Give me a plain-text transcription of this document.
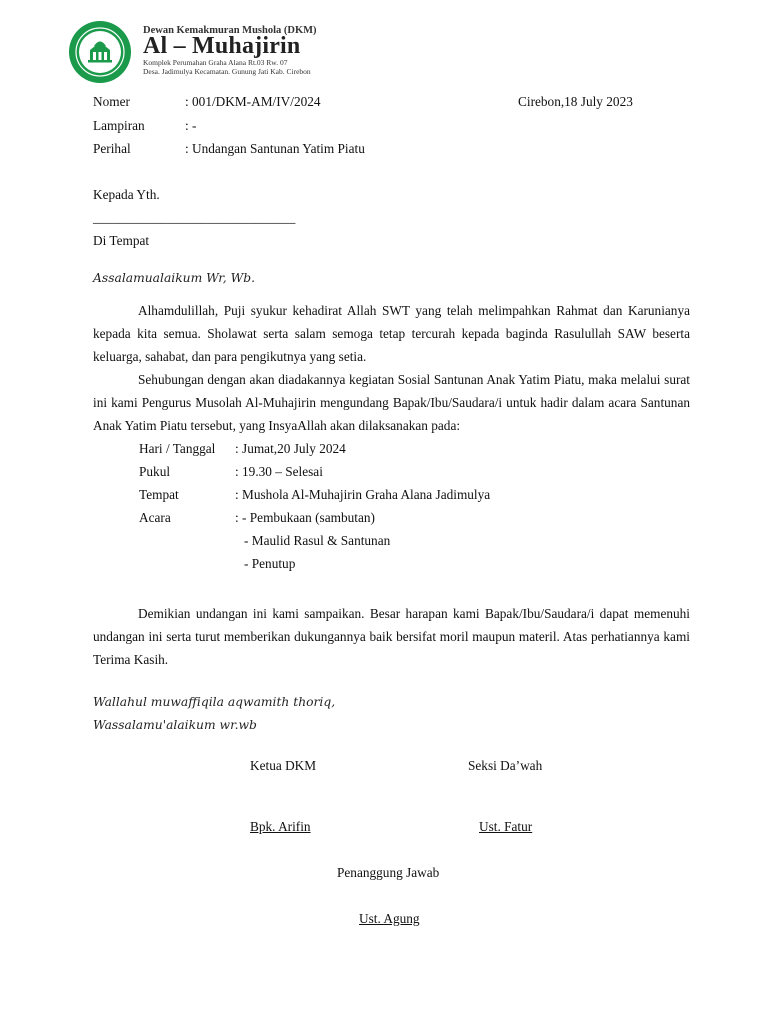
Dewan Kemakmuran Mushola (DKM)
Al – Muhajirin
Komplek Perumahan Graha Alana Rt.03 Rw. 07
Desa. Jadimulya Kecamatan. Gunung Jati Kab. Cirebon
Nomer	: 001/DKM-AM/IV/2024	Cirebon,18 July 2023
Lampiran	: -
Perihal	: Undangan Santunan Yatim Piatu
Kepada Yth.
______________________________
Di Tempat
Assalamualaikum Wr, Wb.

Alhamdulillah, Puji syukur kehadirat Allah SWT yang telah melimpahkan Rahmat dan Karunianya kepada kita semua. Sholawat serta salam semoga tetap tercurah kepada baginda Rasulullah SAW beserta keluarga, sahabat, dan para pengikutnya yang setia.

Sehubungan dengan akan diadakannya kegiatan Sosial Santunan Anak Yatim Piatu, maka melalui surat ini kami Pengurus Musolah Al-Muhajirin mengundang Bapak/Ibu/Saudara/i untuk hadir dalam acara Santunan Anak Yatim Piatu tersebut, yang InsyaAllah akan dilaksanakan pada:

Hari / Tanggal : Jumat,20 July 2024
Pukul	: 19.30 – Selesai
Tempat	: Mushola Al-Muhajirin Graha Alana Jadimulya
Acara	: - Pembukaan (sambutan)
- Maulid Rasul & Santunan
- Penutup

Demikian undangan ini kami sampaikan. Besar harapan kami Bapak/Ibu/Saudara/i dapat memenuhi undangan ini serta turut memberikan dukungannya baik bersifat moril maupun materil. Atas perhatiannya kami Terima Kasih.

Wallahul muwaffiqila aqwamith thoriq,
Wassalamu'alaikum wr.wb
Ketua DKM	Seksi Da’wah
Bpk. Arifin	Ust. Fatur
Penanggung Jawab
Ust. Agung
